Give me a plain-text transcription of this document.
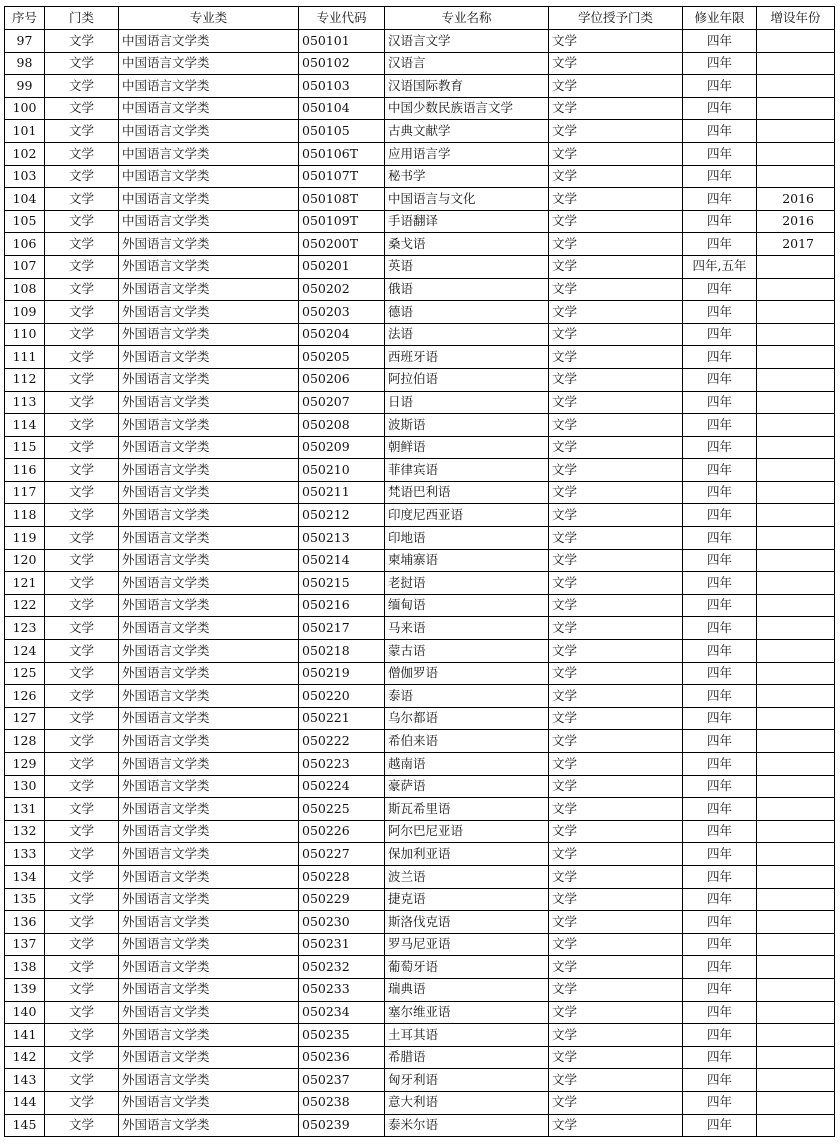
序号	门类	专业类	专业代码	专业名称	学位授予门类	修业年限	增设年份
97	文学	中国语言文学类	050101	汉语言文学	文学	四年	
98	文学	中国语言文学类	050102	汉语言	文学	四年	
99	文学	中国语言文学类	050103	汉语国际教育	文学	四年	
100	文学	中国语言文学类	050104	中国少数民族语言文学	文学	四年	
101	文学	中国语言文学类	050105	古典文献学	文学	四年	
102	文学	中国语言文学类	050106T	应用语言学	文学	四年	
103	文学	中国语言文学类	050107T	秘书学	文学	四年	
104	文学	中国语言文学类	050108T	中国语言与文化	文学	四年	2016
105	文学	中国语言文学类	050109T	手语翻译	文学	四年	2016
106	文学	外国语言文学类	050200T	桑戈语	文学	四年	2017
107	文学	外国语言文学类	050201	英语	文学	四年,五年	
108	文学	外国语言文学类	050202	俄语	文学	四年	
109	文学	外国语言文学类	050203	德语	文学	四年	
110	文学	外国语言文学类	050204	法语	文学	四年	
111	文学	外国语言文学类	050205	西班牙语	文学	四年	
112	文学	外国语言文学类	050206	阿拉伯语	文学	四年	
113	文学	外国语言文学类	050207	日语	文学	四年	
114	文学	外国语言文学类	050208	波斯语	文学	四年	
115	文学	外国语言文学类	050209	朝鲜语	文学	四年	
116	文学	外国语言文学类	050210	菲律宾语	文学	四年	
117	文学	外国语言文学类	050211	梵语巴利语	文学	四年	
118	文学	外国语言文学类	050212	印度尼西亚语	文学	四年	
119	文学	外国语言文学类	050213	印地语	文学	四年	
120	文学	外国语言文学类	050214	柬埔寨语	文学	四年	
121	文学	外国语言文学类	050215	老挝语	文学	四年	
122	文学	外国语言文学类	050216	缅甸语	文学	四年	
123	文学	外国语言文学类	050217	马来语	文学	四年	
124	文学	外国语言文学类	050218	蒙古语	文学	四年	
125	文学	外国语言文学类	050219	僧伽罗语	文学	四年	
126	文学	外国语言文学类	050220	泰语	文学	四年	
127	文学	外国语言文学类	050221	乌尔都语	文学	四年	
128	文学	外国语言文学类	050222	希伯来语	文学	四年	
129	文学	外国语言文学类	050223	越南语	文学	四年	
130	文学	外国语言文学类	050224	豪萨语	文学	四年	
131	文学	外国语言文学类	050225	斯瓦希里语	文学	四年	
132	文学	外国语言文学类	050226	阿尔巴尼亚语	文学	四年	
133	文学	外国语言文学类	050227	保加利亚语	文学	四年	
134	文学	外国语言文学类	050228	波兰语	文学	四年	
135	文学	外国语言文学类	050229	捷克语	文学	四年	
136	文学	外国语言文学类	050230	斯洛伐克语	文学	四年	
137	文学	外国语言文学类	050231	罗马尼亚语	文学	四年	
138	文学	外国语言文学类	050232	葡萄牙语	文学	四年	
139	文学	外国语言文学类	050233	瑞典语	文学	四年	
140	文学	外国语言文学类	050234	塞尔维亚语	文学	四年	
141	文学	外国语言文学类	050235	土耳其语	文学	四年	
142	文学	外国语言文学类	050236	希腊语	文学	四年	
143	文学	外国语言文学类	050237	匈牙利语	文学	四年	
144	文学	外国语言文学类	050238	意大利语	文学	四年	
145	文学	外国语言文学类	050239	泰米尔语	文学	四年	
